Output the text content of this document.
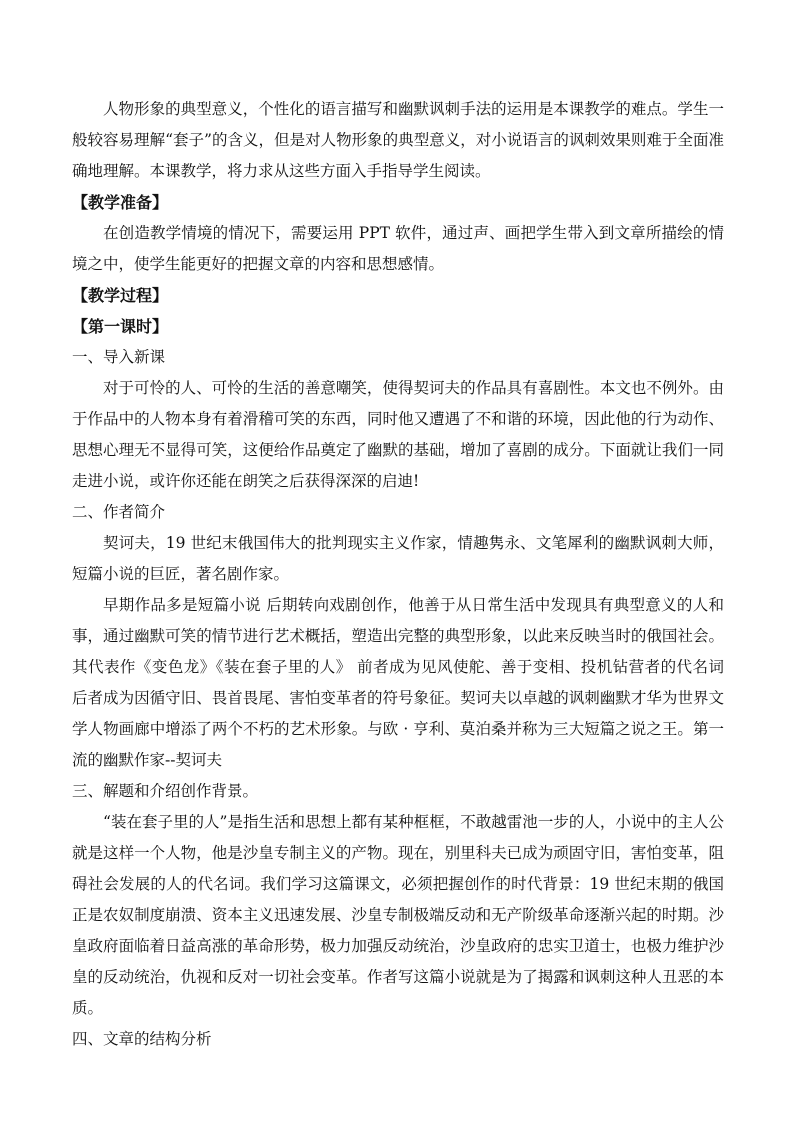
人物形象的典型意义，个性化的语言描写和幽默讽刺手法的运用是本课教学的难点。学生一般较容易理解“套子”的含义，但是对人物形象的典型意义，对小说语言的讽刺效果则难于全面准确地理解。本课教学，将力求从这些方面入手指导学生阅读。

【教学准备】

在创造教学情境的情况下，需要运用 PPT 软件，通过声、画把学生带入到文章所描绘的情境之中，使学生能更好的把握文章的内容和思想感情。

【教学过程】

【第一课时】

一、导入新课

对于可怜的人、可怜的生活的善意嘲笑，使得契诃夫的作品具有喜剧性。本文也不例外。由于作品中的人物本身有着滑稽可笑的东西，同时他又遭遇了不和谐的环境，因此他的行为动作、思想心理无不显得可笑，这便给作品奠定了幽默的基础，增加了喜剧的成分。下面就让我们一同走进小说，或许你还能在朗笑之后获得深深的启迪!

二、作者简介

契诃夫，19 世纪末俄国伟大的批判现实主义作家，情趣隽永、文笔犀利的幽默讽刺大师，短篇小说的巨匠，著名剧作家。

早期作品多是短篇小说 后期转向戏剧创作，他善于从日常生活中发现具有典型意义的人和事，通过幽默可笑的情节进行艺术概括，塑造出完整的典型形象，以此来反映当时的俄国社会。其代表作《变色龙》《装在套子里的人》 前者成为见风使舵、善于变相、投机钻营者的代名词 后者成为因循守旧、畏首畏尾、害怕变革者的符号象征。契诃夫以卓越的讽刺幽默才华为世界文学人物画廊中增添了两个不朽的艺术形象。与欧 · 亨利、莫泊桑并称为三大短篇之说之王。第一流的幽默作家--契诃夫

三、解题和介绍创作背景。

“装在套子里的人”是指生活和思想上都有某种框框，不敢越雷池一步的人，小说中的主人公就是这样一个人物，他是沙皇专制主义的产物。现在，别里科夫已成为顽固守旧，害怕变革，阻碍社会发展的人的代名词。我们学习这篇课文，必须把握创作的时代背景：19 世纪末期的俄国正是农奴制度崩溃、资本主义迅速发展、沙皇专制极端反动和无产阶级革命逐渐兴起的时期。沙皇政府面临着日益高涨的革命形势，极力加强反动统治，沙皇政府的忠实卫道士，也极力维护沙皇的反动统治，仇视和反对一切社会变革。作者写这篇小说就是为了揭露和讽刺这种人丑恶的本质。

四、文章的结构分析
